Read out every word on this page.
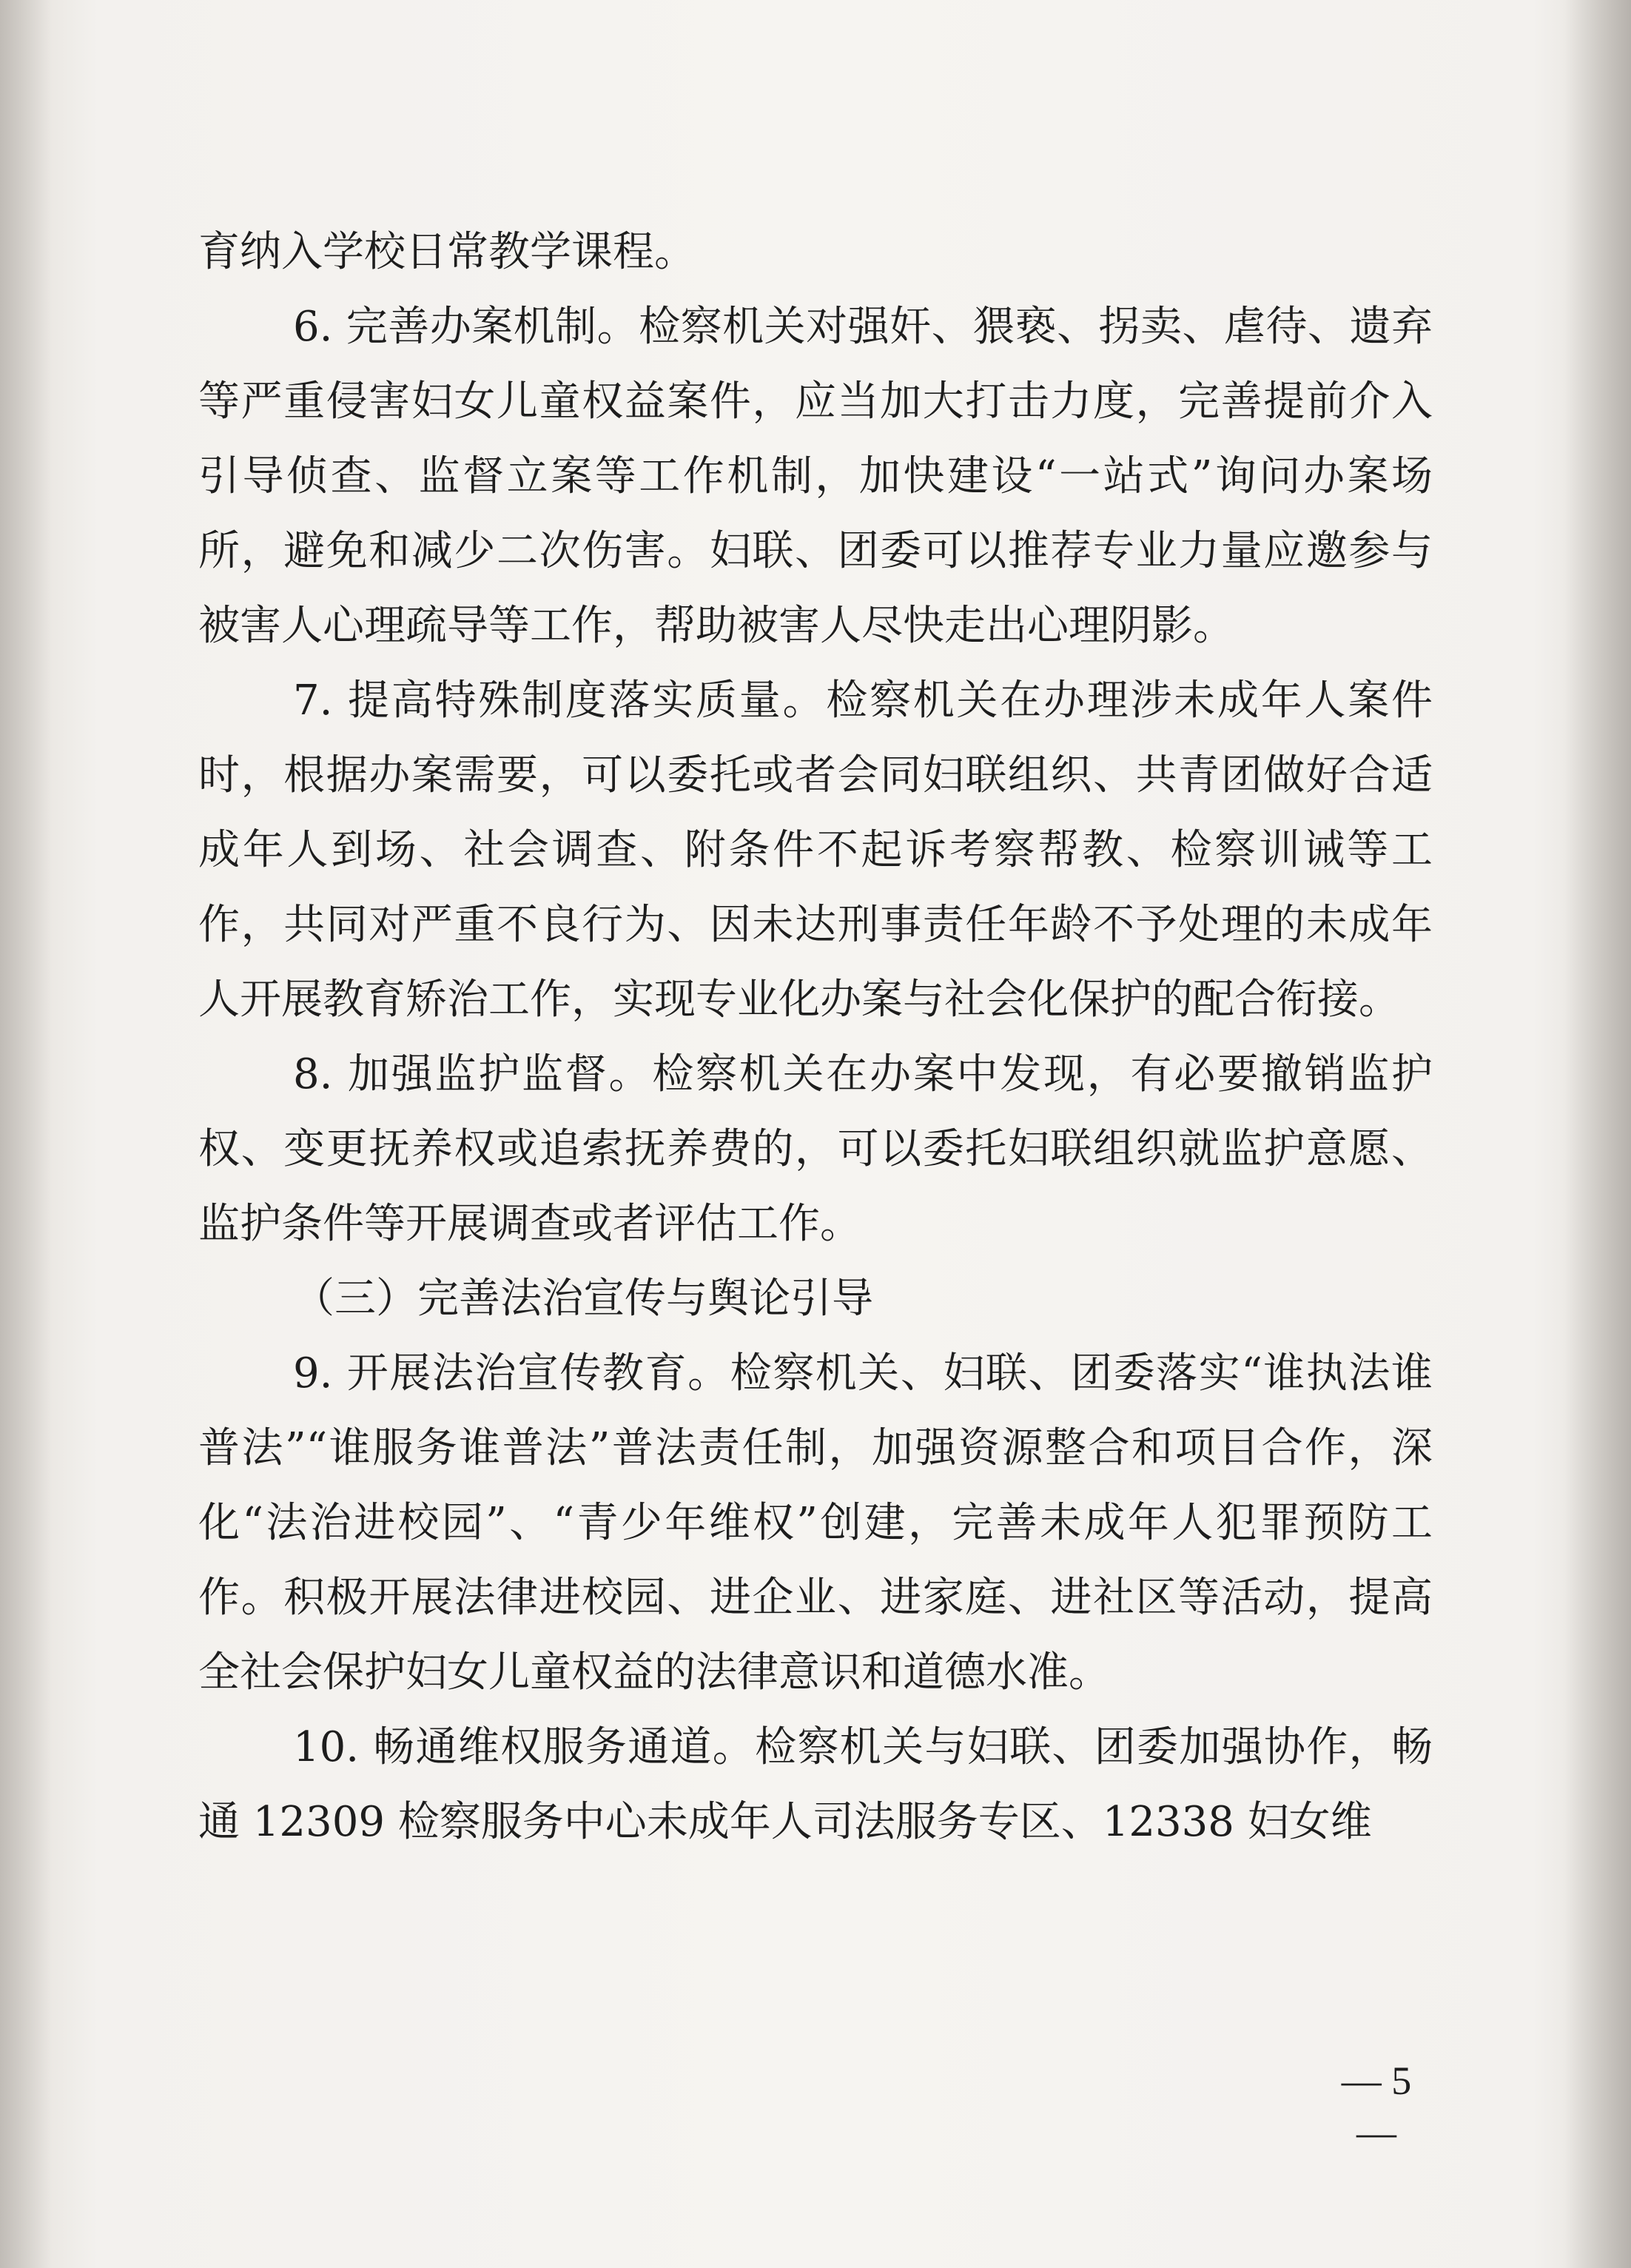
育纳入学校日常教学课程。

6. 完善办案机制。检察机关对强奸、猥亵、拐卖、虐待、遗弃等严重侵害妇女儿童权益案件，应当加大打击力度，完善提前介入引导侦查、监督立案等工作机制，加快建设“一站式”询问办案场所，避免和减少二次伤害。妇联、团委可以推荐专业力量应邀参与被害人心理疏导等工作，帮助被害人尽快走出心理阴影。

7. 提高特殊制度落实质量。检察机关在办理涉未成年人案件时，根据办案需要，可以委托或者会同妇联组织、共青团做好合适成年人到场、社会调查、附条件不起诉考察帮教、检察训诫等工作，共同对严重不良行为、因未达刑事责任年龄不予处理的未成年人开展教育矫治工作，实现专业化办案与社会化保护的配合衔接。

8. 加强监护监督。检察机关在办案中发现，有必要撤销监护权、变更抚养权或追索抚养费的，可以委托妇联组织就监护意愿、监护条件等开展调查或者评估工作。

（三）完善法治宣传与舆论引导

9. 开展法治宣传教育。检察机关、妇联、团委落实“谁执法谁普法”“谁服务谁普法”普法责任制，加强资源整合和项目合作，深化“法治进校园”、“青少年维权”创建，完善未成年人犯罪预防工作。积极开展法律进校园、进企业、进家庭、进社区等活动，提高全社会保护妇女儿童权益的法律意识和道德水准。

10. 畅通维权服务通道。检察机关与妇联、团委加强协作，畅通 12309 检察服务中心未成年人司法服务专区、12338 妇女维

— 5 —
